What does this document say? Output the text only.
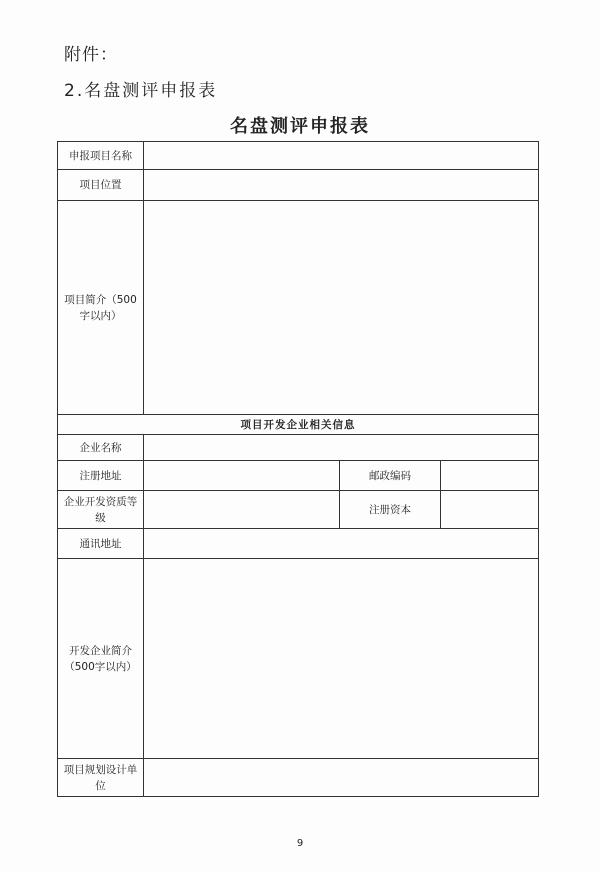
附件：
2.名盘测评申报表
名盘测评申报表
申报项目名称			
项目位置			
项目简介（500字以内）			
项目开发企业相关信息			
企业名称			
注册地址		邮政编码	
企业开发资质等级		注册资本	
通讯地址			
开发企业简介（500字以内）			
项目规划设计单位			
9
